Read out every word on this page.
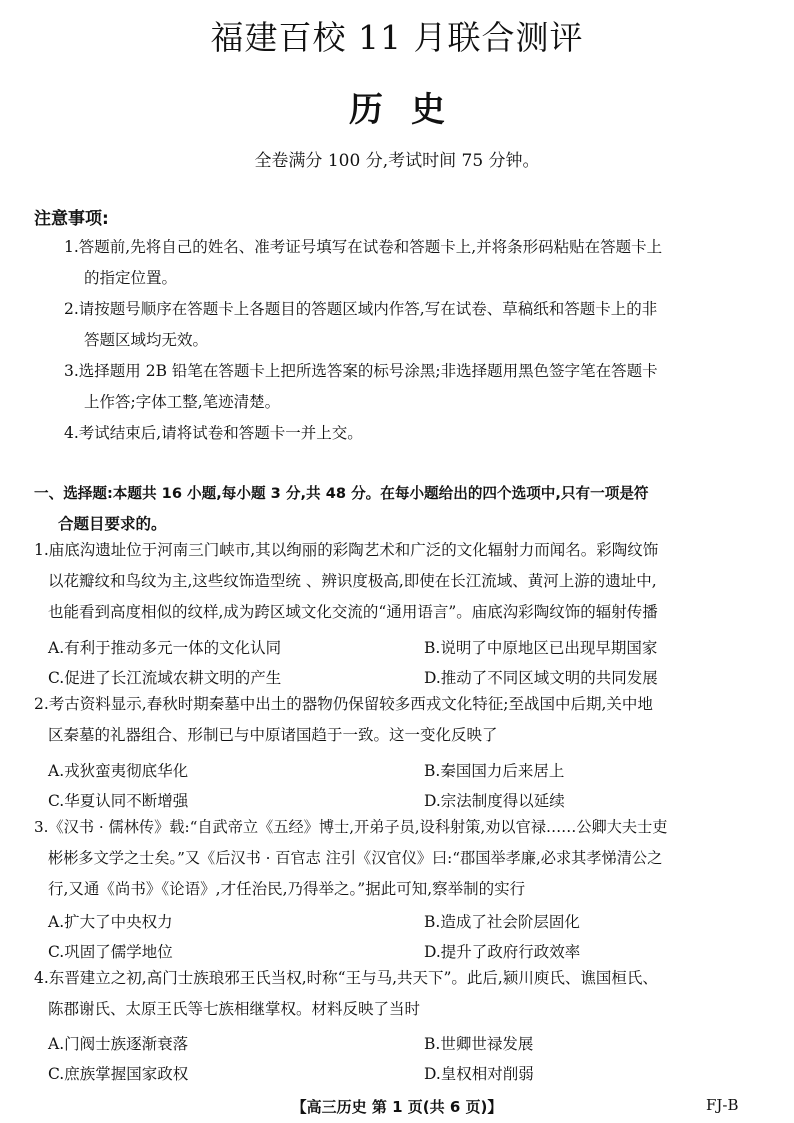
福建百校 11 月联合测评
历史
全卷满分 100 分,考试时间 75 分钟。
注意事项:
1.答题前,先将自己的姓名、准考证号填写在试卷和答题卡上,并将条形码粘贴在答题卡上
的指定位置。
2.请按题号顺序在答题卡上各题目的答题区域内作答,写在试卷、草稿纸和答题卡上的非
答题区域均无效。
3.选择题用 2B 铅笔在答题卡上把所选答案的标号涂黑;非选择题用黑色签字笔在答题卡
上作答;字体工整,笔迹清楚。
4.考试结束后,请将试卷和答题卡一并上交。
一、选择题:本题共 16 小题,每小题 3 分,共 48 分。在每小题给出的四个选项中,只有一项是符
合题目要求的。
1.庙底沟遗址位于河南三门峡市,其以绚丽的彩陶艺术和广泛的文化辐射力而闻名。彩陶纹饰
以花瓣纹和鸟纹为主,这些纹饰造型统 、辨识度极高,即使在长江流域、黄河上游的遗址中,
也能看到高度相似的纹样,成为跨区域文化交流的“通用语言”。庙底沟彩陶纹饰的辐射传播
A.有利于推动多元一体的文化认同	B.说明了中原地区已出现早期国家
C.促进了长江流域农耕文明的产生	D.推动了不同区域文明的共同发展
2.考古资料显示,春秋时期秦墓中出土的器物仍保留较多西戎文化特征;至战国中后期,关中地
区秦墓的礼器组合、形制已与中原诸国趋于一致。这一变化反映了
A.戎狄蛮夷彻底华化	B.秦国国力后来居上
C.华夏认同不断增强	D.宗法制度得以延续
3.《汉书 · 儒林传》载:“自武帝立《五经》博士,开弟子员,设科射策,劝以官禄……公卿大夫士吏
彬彬多文学之士矣。”又《后汉书 · 百官志 注引《汉官仪》曰:“郡国举孝廉,必求其孝悌清公之
行,又通《尚书》《论语》,才任治民,乃得举之。”据此可知,察举制的实行
A.扩大了中央权力	B.造成了社会阶层固化
C.巩固了儒学地位	D.提升了政府行政效率
4.东晋建立之初,高门士族琅邪王氏当权,时称“王与马,共天下”。此后,颍川庾氏、谯国桓氏、
陈郡谢氏、太原王氏等七族相继掌权。材料反映了当时
A.门阀士族逐渐衰落	B.世卿世禄发展
C.庶族掌握国家政权	D.皇权相对削弱
【高三历史 第 1 页(共 6 页)】	FJ-B
